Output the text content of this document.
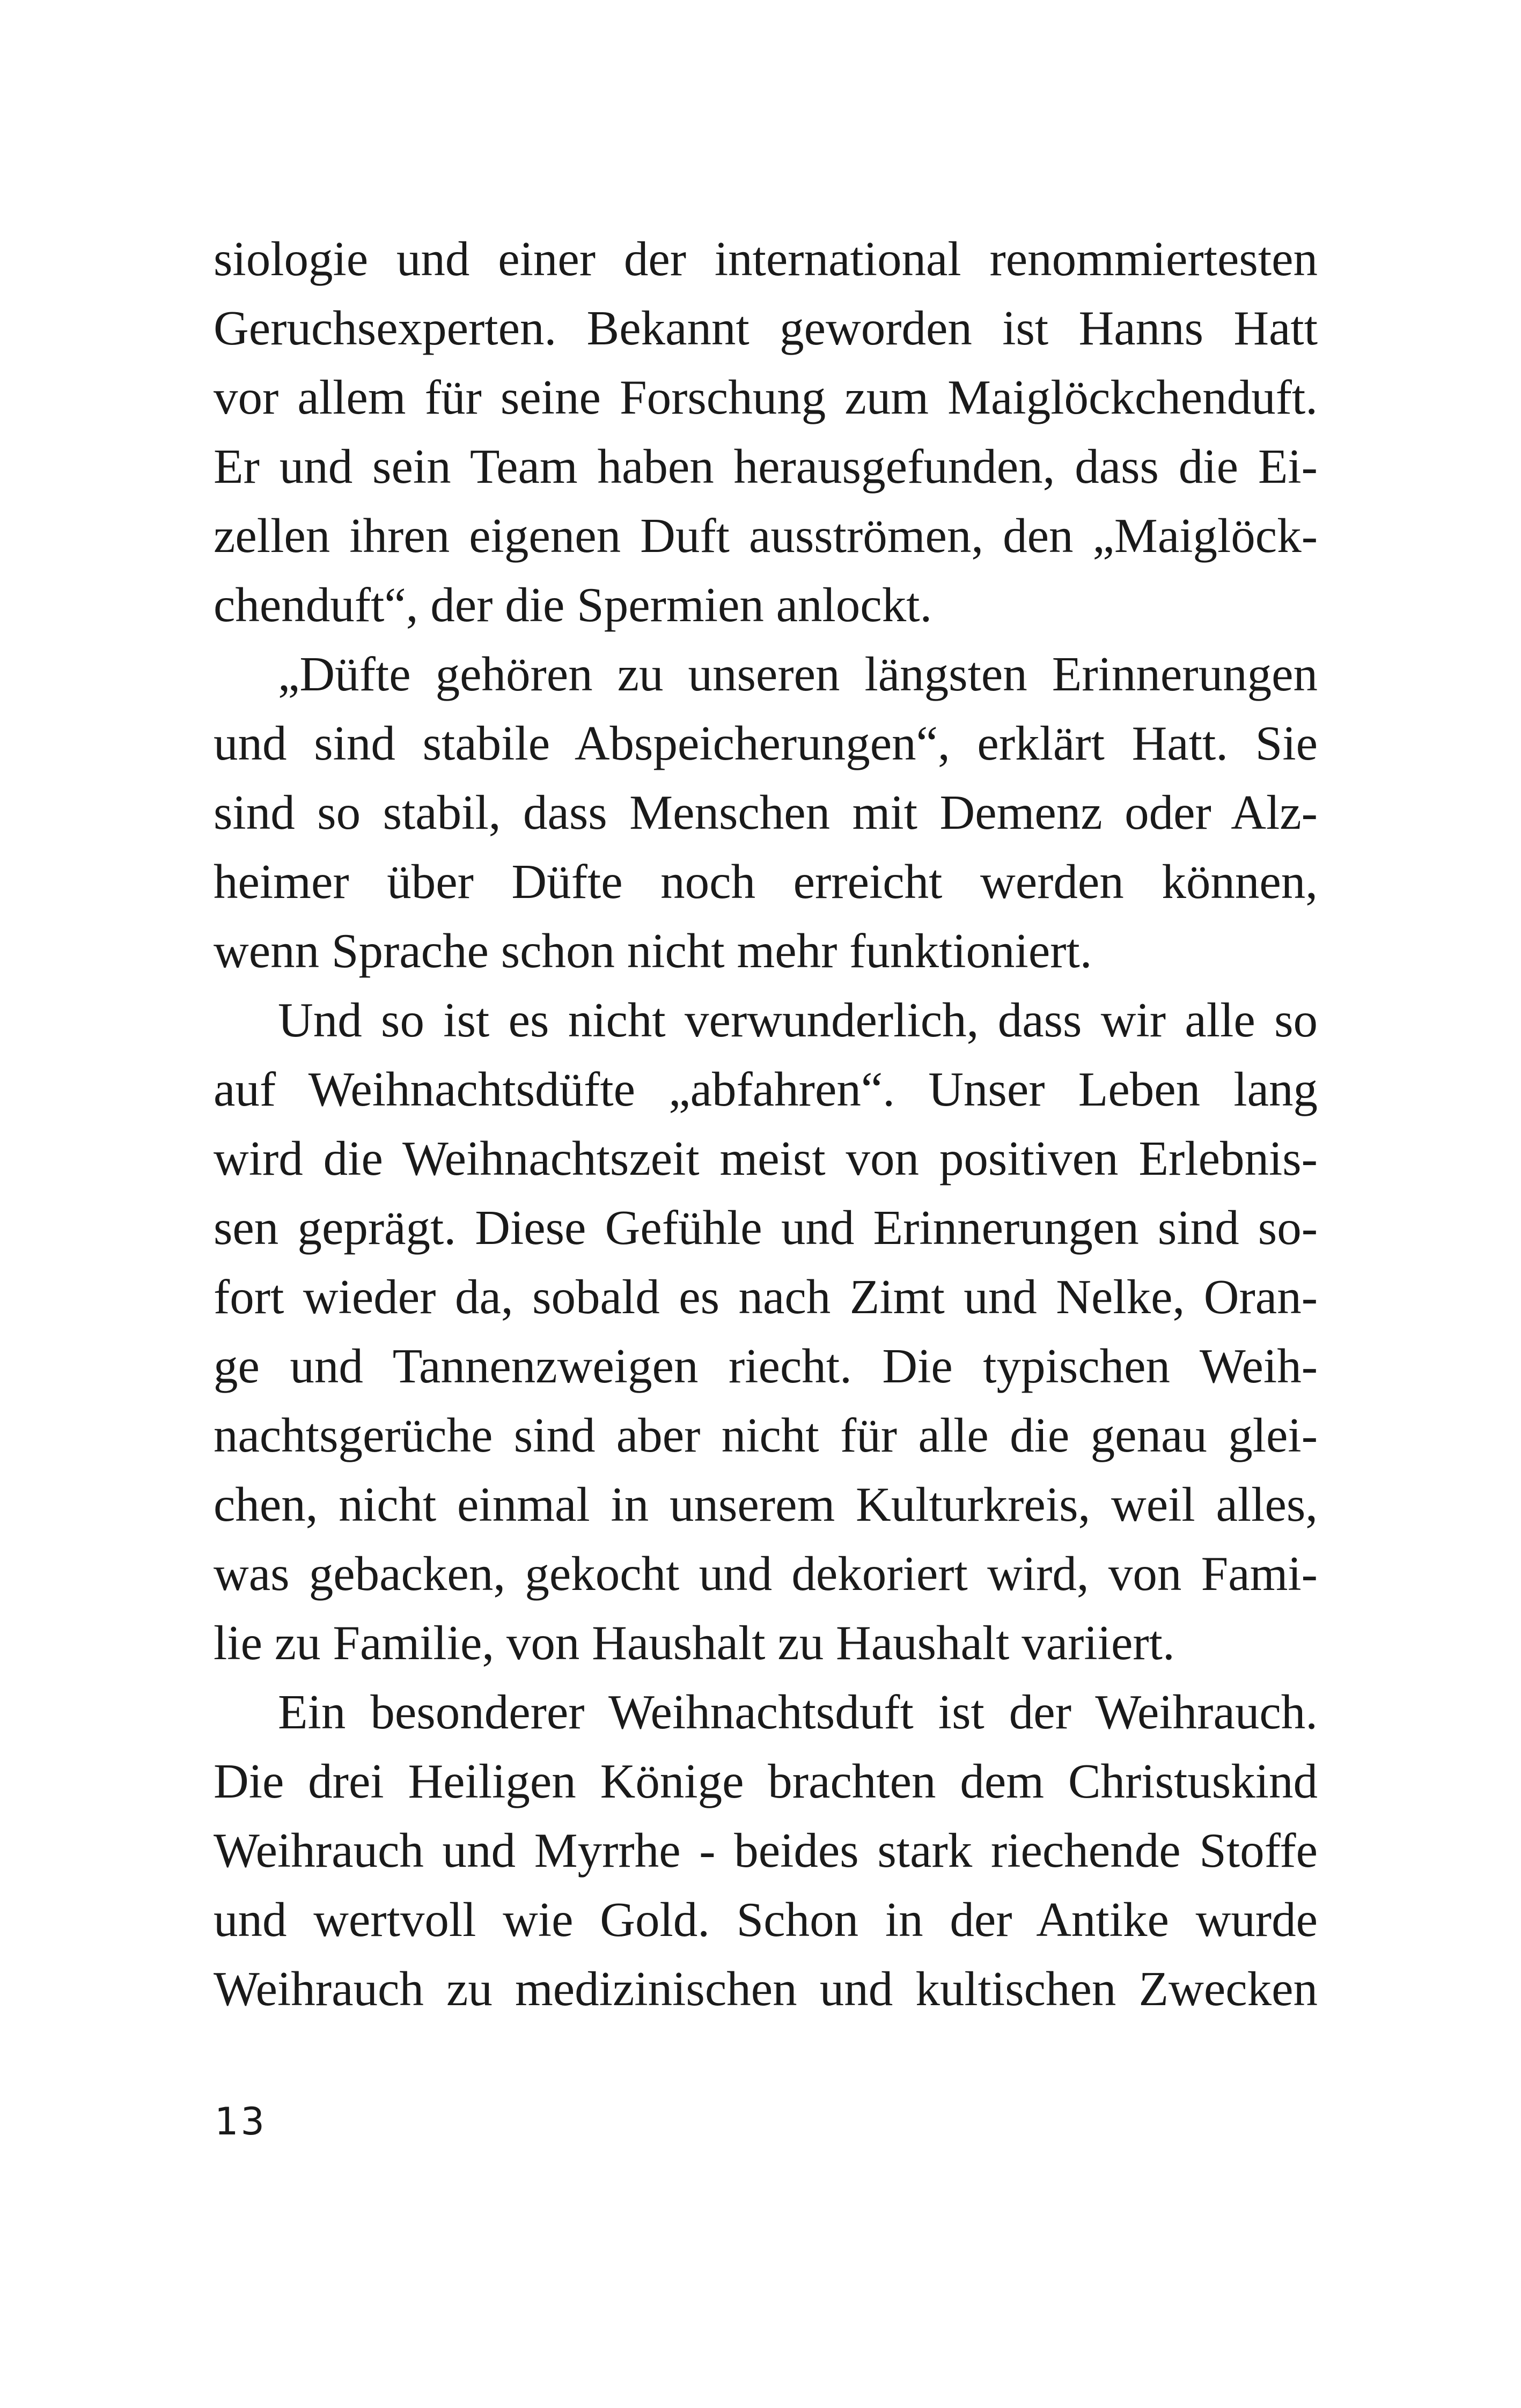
siologie und einer der international renommiertesten
Geruchsexperten. Bekannt geworden ist Hanns Hatt
vor allem für seine Forschung zum Maiglöckchenduft.
Er und sein Team haben herausgefunden, dass die Ei-
zellen ihren eigenen Duft ausströmen, den „Maiglöck-
chenduft“, der die Spermien anlockt.

„Düfte gehören zu unseren längsten Erinnerungen
und sind stabile Abspeicherungen“, erklärt Hatt. Sie
sind so stabil, dass Menschen mit Demenz oder Alz-
heimer über Düfte noch erreicht werden können,
wenn Sprache schon nicht mehr funktioniert.

Und so ist es nicht verwunderlich, dass wir alle so
auf Weihnachtsdüfte „abfahren“. Unser Leben lang
wird die Weihnachtszeit meist von positiven Erlebnis-
sen geprägt. Diese Gefühle und Erinnerungen sind so-
fort wieder da, sobald es nach Zimt und Nelke, Oran-
ge und Tannenzweigen riecht. Die typischen Weih-
nachtsgerüche sind aber nicht für alle die genau glei-
chen, nicht einmal in unserem Kulturkreis, weil alles,
was gebacken, gekocht und dekoriert wird, von Fami-
lie zu Familie, von Haushalt zu Haushalt variiert.

Ein besonderer Weihnachtsduft ist der Weihrauch.
Die drei Heiligen Könige brachten dem Christuskind
Weihrauch und Myrrhe - beides stark riechende Stoffe
und wertvoll wie Gold. Schon in der Antike wurde
Weihrauch zu medizinischen und kultischen Zwecken

13
